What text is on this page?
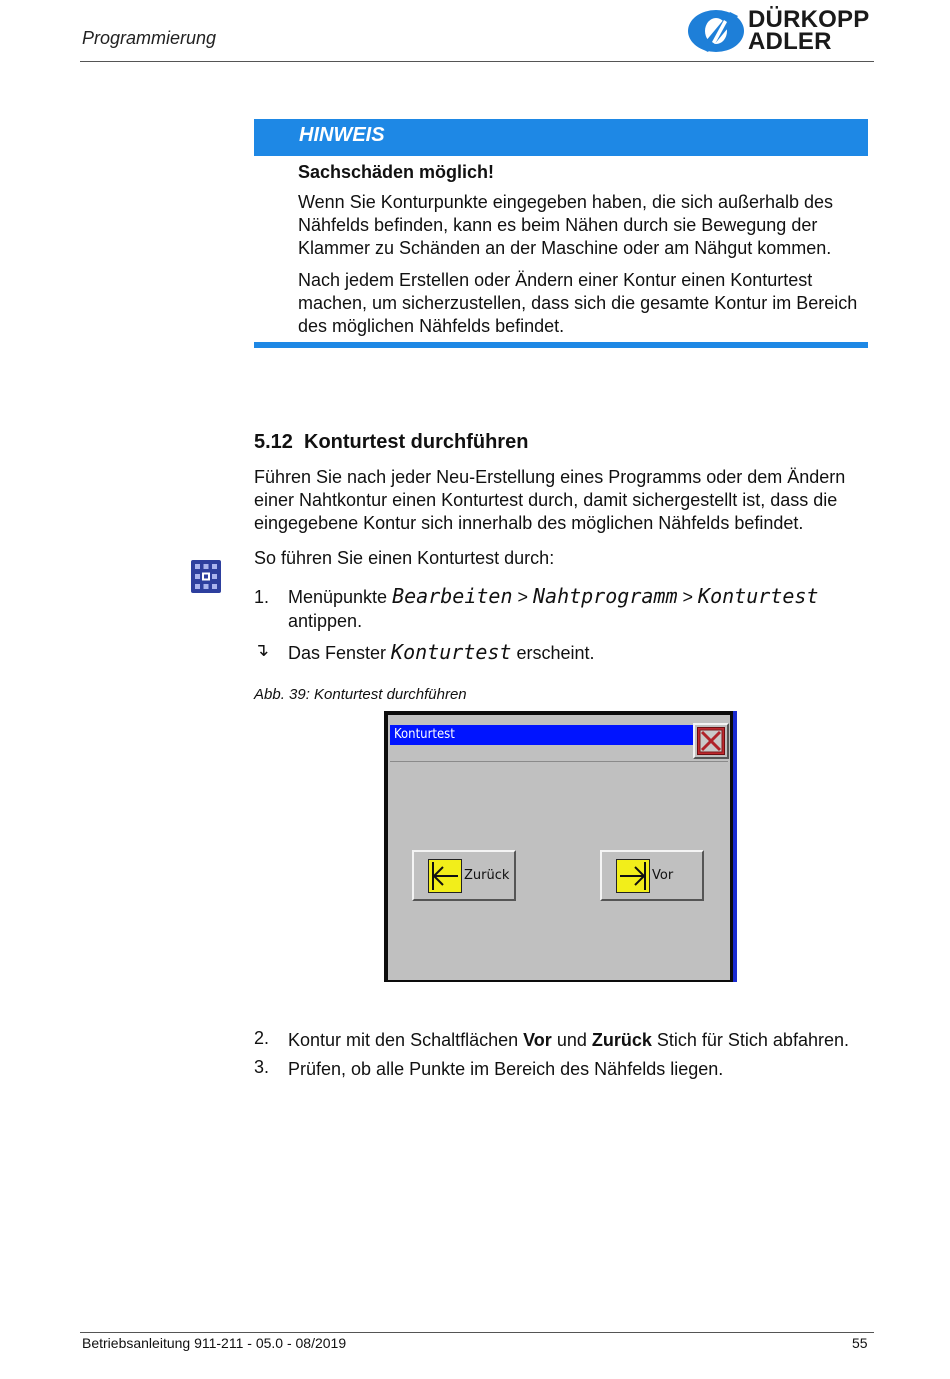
Programmierung
DÜRKOPP
ADLER
HINWEIS
Sachschäden möglich!
Wenn Sie Konturpunkte eingegeben haben, die sich außerhalb des Nähfelds befinden, kann es beim Nähen durch sie Bewegung der Klammer zu Schänden an der Maschine oder am Nähgut kommen.
Nach jedem Erstellen oder Ändern einer Kontur einen Konturtest machen, um sicherzustellen, dass sich die gesamte Kontur im Bereich des möglichen Nähfelds befindet.
5.12 Konturtest durchführen
Führen Sie nach jeder Neu-Erstellung eines Programms oder dem Ändern einer Nahtkontur einen Konturtest durch, damit sichergestellt ist, dass die eingegebene Kontur sich innerhalb des möglichen Nähfelds befindet.
So führen Sie einen Konturtest durch:
1. Menüpunkte Bearbeiten > Nahtprogramm > Konturtest
antippen.
↴ Das Fenster Konturtest erscheint.
Abb. 39: Konturtest durchführen
Konturtest
Zurück	Vor
2. Kontur mit den Schaltflächen Vor und Zurück Stich für Stich abfahren.
3. Prüfen, ob alle Punkte im Bereich des Nähfelds liegen.
Betriebsanleitung 911-211 - 05.0 - 08/2019	55
